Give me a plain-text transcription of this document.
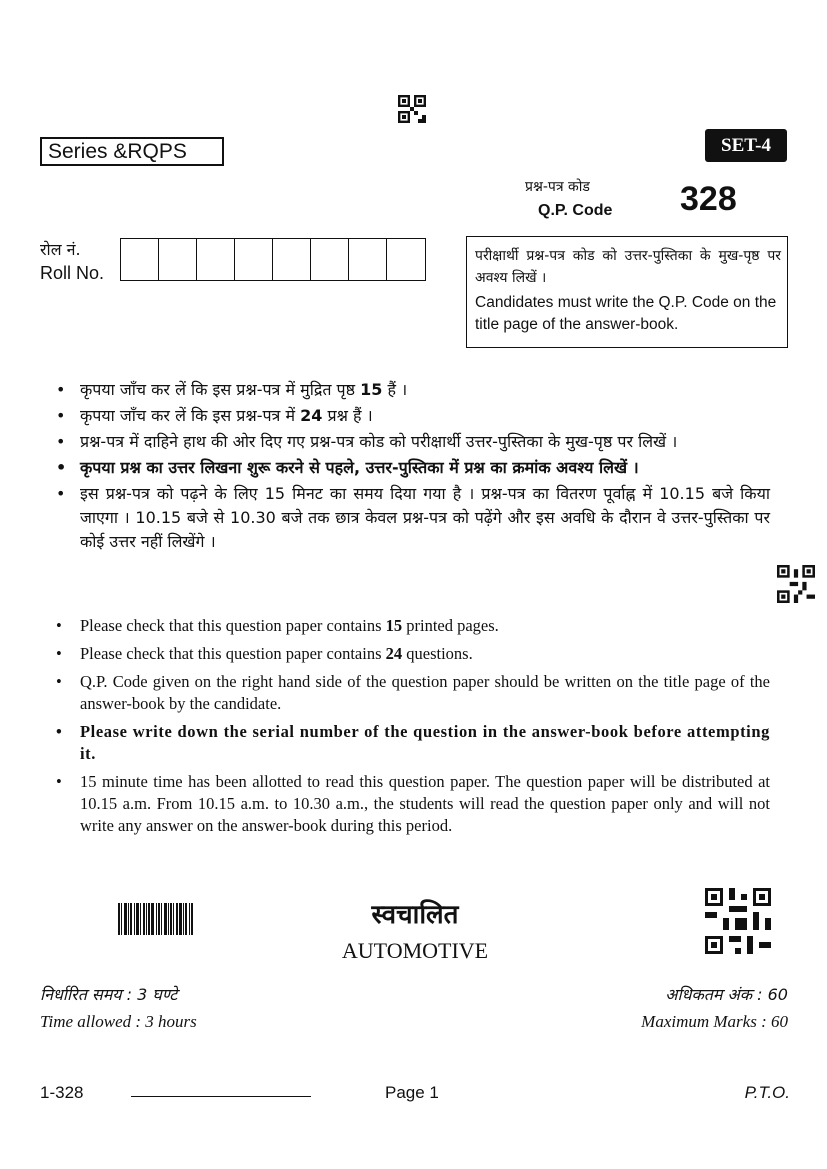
Series &RQPS	SET-4
प्रश्न-पत्र कोड
Q.P. Code 328
रोल नं.
Roll No.
परीक्षार्थी प्रश्न-पत्र कोड को उत्तर-पुस्तिका के मुख-पृष्ठ पर अवश्य लिखें ।
Candidates must write the Q.P. Code on the title page of the answer-book.
• कृपया जाँच कर लें कि इस प्रश्न-पत्र में मुद्रित पृष्ठ 15 हैं ।
• कृपया जाँच कर लें कि इस प्रश्न-पत्र में 24 प्रश्न हैं ।
• प्रश्न-पत्र में दाहिने हाथ की ओर दिए गए प्रश्न-पत्र कोड को परीक्षार्थी उत्तर-पुस्तिका के मुख-पृष्ठ पर लिखें ।
• कृपया प्रश्न का उत्तर लिखना शुरू करने से पहले, उत्तर-पुस्तिका में प्रश्न का क्रमांक अवश्य लिखें ।
• इस प्रश्न-पत्र को पढ़ने के लिए 15 मिनट का समय दिया गया है । प्रश्न-पत्र का वितरण पूर्वाह्न में 10.15 बजे किया जाएगा । 10.15 बजे से 10.30 बजे तक छात्र केवल प्रश्न-पत्र को पढ़ेंगे और इस अवधि के दौरान वे उत्तर-पुस्तिका पर कोई उत्तर नहीं लिखेंगे ।
• Please check that this question paper contains 15 printed pages.
• Please check that this question paper contains 24 questions.
• Q.P. Code given on the right hand side of the question paper should be written on the title page of the answer-book by the candidate.
• Please write down the serial number of the question in the answer-book before attempting it.
• 15 minute time has been allotted to read this question paper. The question paper will be distributed at 10.15 a.m. From 10.15 a.m. to 10.30 a.m., the students will read the question paper only and will not write any answer on the answer-book during this period.
स्वचालित
AUTOMOTIVE
निर्धारित समय : 3 घण्टे
Time allowed : 3 hours
अधिकतम अंक : 60
Maximum Marks : 60
1-328	Page 1	P.T.O.
